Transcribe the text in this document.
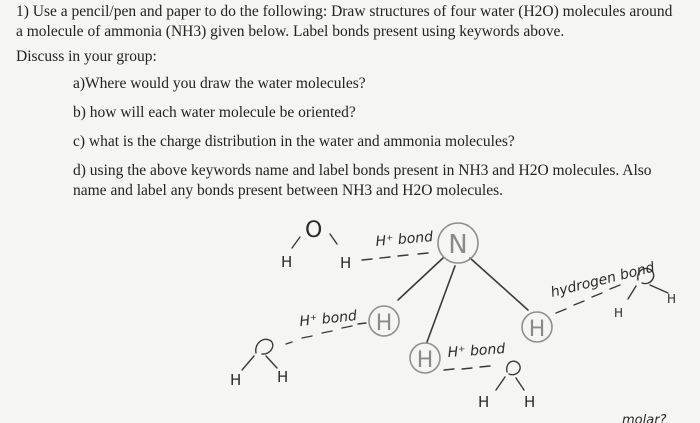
1) Use a pencil/pen and paper to do the following: Draw structures of four water (H2O) molecules around
a molecule of ammonia (NH3) given below. Label bonds present using keywords above.
Discuss in your group:
a)Where would you draw the water molecules?
b) how will each water molecule be oriented?
c) what is the charge distribution in the water and ammonia molecules?
d) using the above keywords name and label bonds present in NH3 and H2O molecules. Also
name and label any bonds present between NH3 and H2O molecules.
N
H
H
H
O
H	H
H⁺ bond
H H
H⁺ bond
H H
H⁺ bond
H
H
hydrogen bond
molar?
